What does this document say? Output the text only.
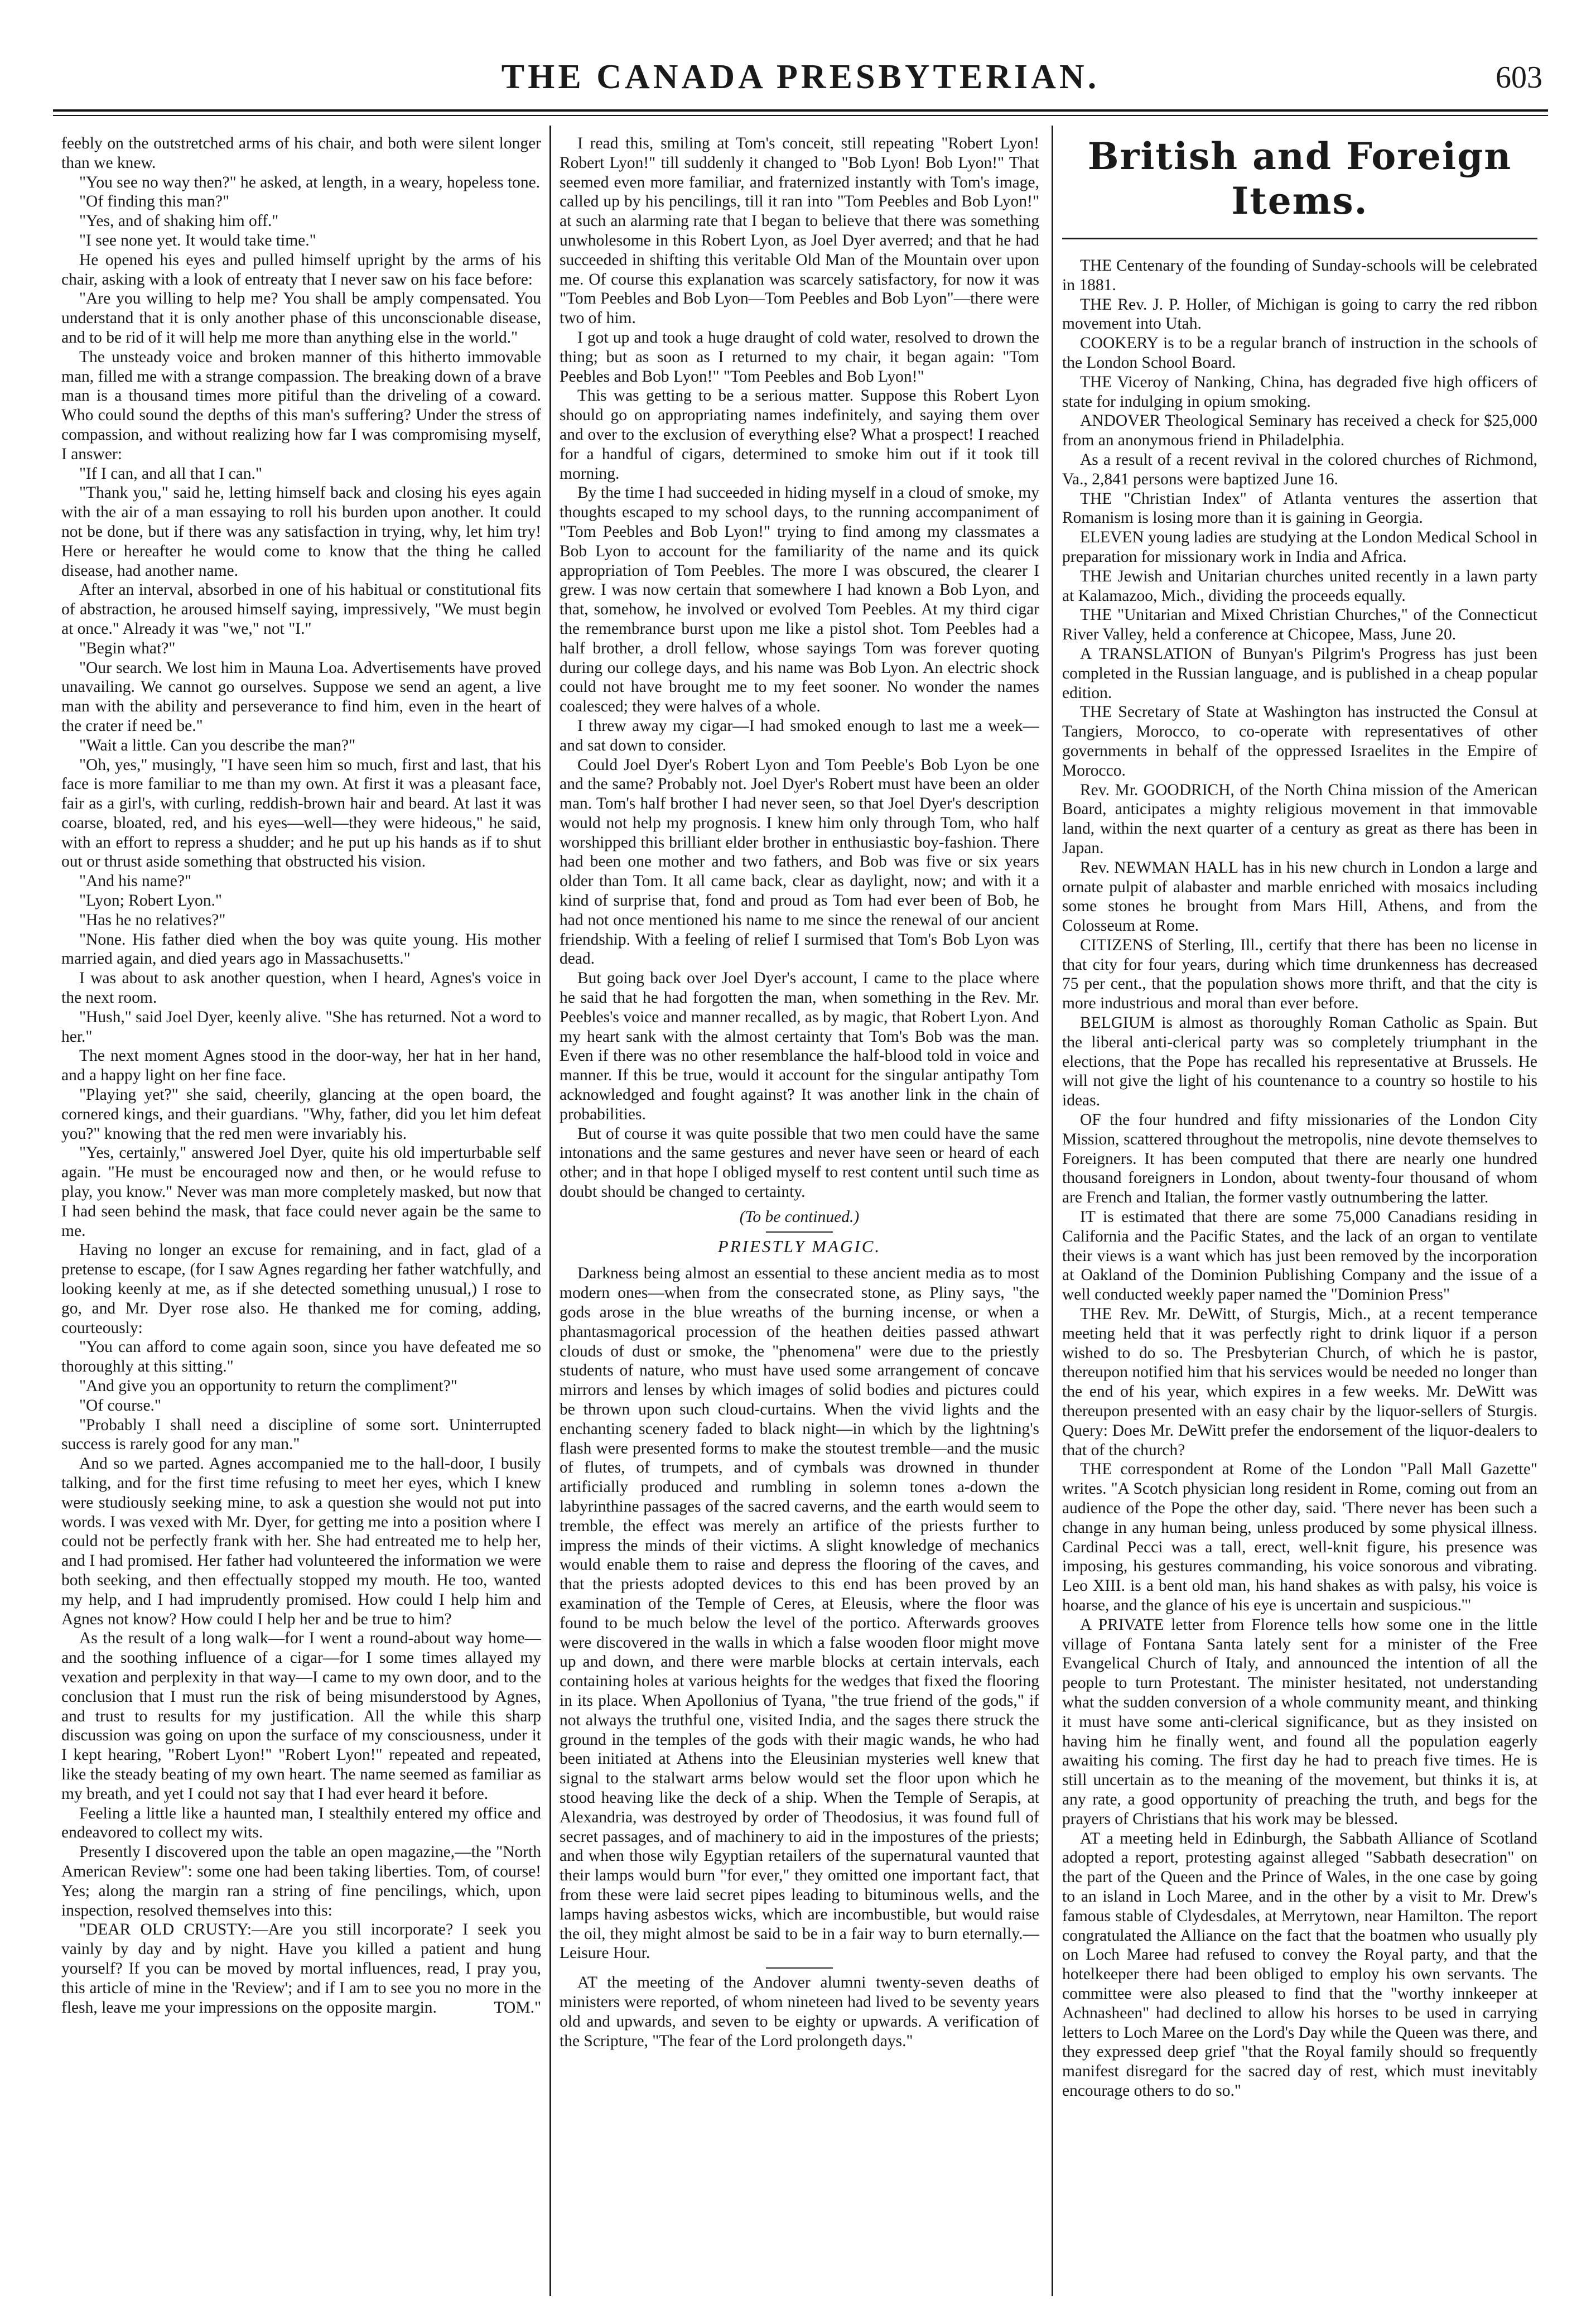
THE CANADA PRESBYTERIAN.	603

feebly on the outstretched arms of his chair, and both were silent longer than we knew.

"You see no way then?" he asked, at length, in a weary, hopeless tone.

"Of finding this man?"

"Yes, and of shaking him off."

"I see none yet. It would take time."

He opened his eyes and pulled himself upright by the arms of his chair, asking with a look of entreaty that I never saw on his face before:

"Are you willing to help me? You shall be amply compensated. You understand that it is only another phase of this unconscionable disease, and to be rid of it will help me more than anything else in the world."

The unsteady voice and broken manner of this hitherto immovable man, filled me with a strange compassion. The breaking down of a brave man is a thousand times more pitiful than the driveling of a coward. Who could sound the depths of this man's suffering? Under the stress of compassion, and without realizing how far I was compromising myself, I answer:

"If I can, and all that I can."

"Thank you," said he, letting himself back and closing his eyes again with the air of a man essaying to roll his burden upon another. It could not be done, but if there was any satisfaction in trying, why, let him try! Here or hereafter he would come to know that the thing he called disease, had another name.

After an interval, absorbed in one of his habitual or constitutional fits of abstraction, he aroused himself saying, impressively, "We must begin at once." Already it was "we," not "I."

"Begin what?"

"Our search. We lost him in Mauna Loa. Advertisements have proved unavailing. We cannot go ourselves. Suppose we send an agent, a live man with the ability and perseverance to find him, even in the heart of the crater if need be."

"Wait a little. Can you describe the man?"

"Oh, yes," musingly, "I have seen him so much, first and last, that his face is more familiar to me than my own. At first it was a pleasant face, fair as a girl's, with curling, reddish-brown hair and beard. At last it was coarse, bloated, red, and his eyes—well—they were hideous," he said, with an effort to repress a shudder; and he put up his hands as if to shut out or thrust aside something that obstructed his vision.

"And his name?"

"Lyon; Robert Lyon."

"Has he no relatives?"

"None. His father died when the boy was quite young. His mother married again, and died years ago in Massachusetts."

I was about to ask another question, when I heard, Agnes's voice in the next room.

"Hush," said Joel Dyer, keenly alive. "She has returned. Not a word to her."

The next moment Agnes stood in the door-way, her hat in her hand, and a happy light on her fine face.

"Playing yet?" she said, cheerily, glancing at the open board, the cornered kings, and their guardians. "Why, father, did you let him defeat you?" knowing that the red men were invariably his.

"Yes, certainly," answered Joel Dyer, quite his old imperturbable self again. "He must be encouraged now and then, or he would refuse to play, you know." Never was man more completely masked, but now that I had seen behind the mask, that face could never again be the same to me.

Having no longer an excuse for remaining, and in fact, glad of a pretense to escape, (for I saw Agnes regarding her father watchfully, and looking keenly at me, as if she detected something unusual,) I rose to go, and Mr. Dyer rose also. He thanked me for coming, adding, courteously:

"You can afford to come again soon, since you have defeated me so thoroughly at this sitting."

"And give you an opportunity to return the compliment?"

"Of course."

"Probably I shall need a discipline of some sort. Uninterrupted success is rarely good for any man."

And so we parted. Agnes accompanied me to the hall-door, I busily talking, and for the first time refusing to meet her eyes, which I knew were studiously seeking mine, to ask a question she would not put into words. I was vexed with Mr. Dyer, for getting me into a position where I could not be perfectly frank with her. She had entreated me to help her, and I had promised. Her father had volunteered the information we were both seeking, and then effectually stopped my mouth. He too, wanted my help, and I had imprudently promised. How could I help him and Agnes not know? How could I help her and be true to him?

As the result of a long walk—for I went a round-about way home—and the soothing influence of a cigar—for I some times allayed my vexation and perplexity in that way—I came to my own door, and to the conclusion that I must run the risk of being misunderstood by Agnes, and trust to results for my justification. All the while this sharp discussion was going on upon the surface of my consciousness, under it I kept hearing, "Robert Lyon!" "Robert Lyon!" repeated and repeated, like the steady beating of my own heart. The name seemed as familiar as my breath, and yet I could not say that I had ever heard it before.

Feeling a little like a haunted man, I stealthily entered my office and endeavored to collect my wits.

Presently I discovered upon the table an open magazine,—the "North American Review": some one had been taking liberties. Tom, of course! Yes; along the margin ran a string of fine pencilings, which, upon inspection, resolved themselves into this:

"DEAR OLD CRUSTY:—Are you still incorporate? I seek you vainly by day and by night. Have you killed a patient and hung yourself? If you can be moved by mortal influences, read, I pray you, this article of mine in the 'Review'; and if I am to see you no more in the flesh, leave me your impressions on the opposite margin.	TOM."

I read this, smiling at Tom's conceit, still repeating "Robert Lyon! Robert Lyon!" till suddenly it changed to "Bob Lyon! Bob Lyon!" That seemed even more familiar, and fraternized instantly with Tom's image, called up by his pencilings, till it ran into "Tom Peebles and Bob Lyon!" at such an alarming rate that I began to believe that there was something unwholesome in this Robert Lyon, as Joel Dyer averred; and that he had succeeded in shifting this veritable Old Man of the Mountain over upon me. Of course this explanation was scarcely satisfactory, for now it was "Tom Peebles and Bob Lyon—Tom Peebles and Bob Lyon"—there were two of him.

I got up and took a huge draught of cold water, resolved to drown the thing; but as soon as I returned to my chair, it began again: "Tom Peebles and Bob Lyon!" "Tom Peebles and Bob Lyon!"

This was getting to be a serious matter. Suppose this Robert Lyon should go on appropriating names indefinitely, and saying them over and over to the exclusion of everything else? What a prospect! I reached for a handful of cigars, determined to smoke him out if it took till morning.

By the time I had succeeded in hiding myself in a cloud of smoke, my thoughts escaped to my school days, to the running accompaniment of "Tom Peebles and Bob Lyon!" trying to find among my classmates a Bob Lyon to account for the familiarity of the name and its quick appropriation of Tom Peebles. The more I was obscured, the clearer I grew. I was now certain that somewhere I had known a Bob Lyon, and that, somehow, he involved or evolved Tom Peebles. At my third cigar the remembrance burst upon me like a pistol shot. Tom Peebles had a half brother, a droll fellow, whose sayings Tom was forever quoting during our college days, and his name was Bob Lyon. An electric shock could not have brought me to my feet sooner. No wonder the names coalesced; they were halves of a whole.

I threw away my cigar—I had smoked enough to last me a week—and sat down to consider.

Could Joel Dyer's Robert Lyon and Tom Peeble's Bob Lyon be one and the same? Probably not. Joel Dyer's Robert must have been an older man. Tom's half brother I had never seen, so that Joel Dyer's description would not help my prognosis. I knew him only through Tom, who half worshipped this brilliant elder brother in enthusiastic boy-fashion. There had been one mother and two fathers, and Bob was five or six years older than Tom. It all came back, clear as daylight, now; and with it a kind of surprise that, fond and proud as Tom had ever been of Bob, he had not once mentioned his name to me since the renewal of our ancient friendship. With a feeling of relief I surmised that Tom's Bob Lyon was dead.

But going back over Joel Dyer's account, I came to the place where he said that he had forgotten the man, when something in the Rev. Mr. Peebles's voice and manner recalled, as by magic, that Robert Lyon. And my heart sank with the almost certainty that Tom's Bob was the man. Even if there was no other resemblance the half-blood told in voice and manner. If this be true, would it account for the singular antipathy Tom acknowledged and fought against? It was another link in the chain of probabilities.

But of course it was quite possible that two men could have the same intonations and the same gestures and never have seen or heard of each other; and in that hope I obliged myself to rest content until such time as doubt should be changed to certainty.

(To be continued.)
PRIESTLY MAGIC.

Darkness being almost an essential to these ancient media as to most modern ones—when from the consecrated stone, as Pliny says, "the gods arose in the blue wreaths of the burning incense, or when a phantasmagorical procession of the heathen deities passed athwart clouds of dust or smoke, the "phenomena" were due to the priestly students of nature, who must have used some arrangement of concave mirrors and lenses by which images of solid bodies and pictures could be thrown upon such cloud-curtains. When the vivid lights and the enchanting scenery faded to black night—in which by the lightning's flash were presented forms to make the stoutest tremble—and the music of flutes, of trumpets, and of cymbals was drowned in thunder artificially produced and rumbling in solemn tones a-down the labyrinthine passages of the sacred caverns, and the earth would seem to tremble, the effect was merely an artifice of the priests further to impress the minds of their victims. A slight knowledge of mechanics would enable them to raise and depress the flooring of the caves, and that the priests adopted devices to this end has been proved by an examination of the Temple of Ceres, at Eleusis, where the floor was found to be much below the level of the portico. Afterwards grooves were discovered in the walls in which a false wooden floor might move up and down, and there were marble blocks at certain intervals, each containing holes at various heights for the wedges that fixed the flooring in its place. When Apollonius of Tyana, "the true friend of the gods," if not always the truthful one, visited India, and the sages there struck the ground in the temples of the gods with their magic wands, he who had been initiated at Athens into the Eleusinian mysteries well knew that signal to the stalwart arms below would set the floor upon which he stood heaving like the deck of a ship. When the Temple of Serapis, at Alexandria, was destroyed by order of Theodosius, it was found full of secret passages, and of machinery to aid in the impostures of the priests; and when those wily Egyptian retailers of the supernatural vaunted that their lamps would burn "for ever," they omitted one important fact, that from these were laid secret pipes leading to bituminous wells, and the lamps having asbestos wicks, which are incombustible, but would raise the oil, they might almost be said to be in a fair way to burn eternally.—Leisure Hour.

AT the meeting of the Andover alumni twenty-seven deaths of ministers were reported, of whom nineteen had lived to be seventy years old and upwards, and seven to be eighty or upwards. A verification of the Scripture, "The fear of the Lord prolongeth days."

British and Foreign Items.

THE Centenary of the founding of Sunday-schools will be celebrated in 1881.

THE Rev. J. P. Holler, of Michigan is going to carry the red ribbon movement into Utah.

COOKERY is to be a regular branch of instruction in the schools of the London School Board.

THE Viceroy of Nanking, China, has degraded five high officers of state for indulging in opium smoking.

ANDOVER Theological Seminary has received a check for $25,000 from an anonymous friend in Philadelphia.

As a result of a recent revival in the colored churches of Richmond, Va., 2,841 persons were baptized June 16.

THE "Christian Index" of Atlanta ventures the assertion that Romanism is losing more than it is gaining in Georgia.

ELEVEN young ladies are studying at the London Medical School in preparation for missionary work in India and Africa.

THE Jewish and Unitarian churches united recently in a lawn party at Kalamazoo, Mich., dividing the proceeds equally.

THE "Unitarian and Mixed Christian Churches," of the Connecticut River Valley, held a conference at Chicopee, Mass, June 20.

A TRANSLATION of Bunyan's Pilgrim's Progress has just been completed in the Russian language, and is published in a cheap popular edition.

THE Secretary of State at Washington has instructed the Consul at Tangiers, Morocco, to co-operate with representatives of other governments in behalf of the oppressed Israelites in the Empire of Morocco.

Rev. Mr. GOODRICH, of the North China mission of the American Board, anticipates a mighty religious movement in that immovable land, within the next quarter of a century as great as there has been in Japan.

Rev. NEWMAN HALL has in his new church in London a large and ornate pulpit of alabaster and marble enriched with mosaics including some stones he brought from Mars Hill, Athens, and from the Colosseum at Rome.

CITIZENS of Sterling, Ill., certify that there has been no license in that city for four years, during which time drunkenness has decreased 75 per cent., that the population shows more thrift, and that the city is more industrious and moral than ever before.

BELGIUM is almost as thoroughly Roman Catholic as Spain. But the liberal anti-clerical party was so completely triumphant in the elections, that the Pope has recalled his representative at Brussels. He will not give the light of his countenance to a country so hostile to his ideas.

OF the four hundred and fifty missionaries of the London City Mission, scattered throughout the metropolis, nine devote themselves to Foreigners. It has been computed that there are nearly one hundred thousand foreigners in London, about twenty-four thousand of whom are French and Italian, the former vastly outnumbering the latter.

IT is estimated that there are some 75,000 Canadians residing in California and the Pacific States, and the lack of an organ to ventilate their views is a want which has just been removed by the incorporation at Oakland of the Dominion Publishing Company and the issue of a well conducted weekly paper named the "Dominion Press"

THE Rev. Mr. DeWitt, of Sturgis, Mich., at a recent temperance meeting held that it was perfectly right to drink liquor if a person wished to do so. The Presbyterian Church, of which he is pastor, thereupon notified him that his services would be needed no longer than the end of his year, which expires in a few weeks. Mr. DeWitt was thereupon presented with an easy chair by the liquor-sellers of Sturgis. Query: Does Mr. DeWitt prefer the endorsement of the liquor-dealers to that of the church?

THE correspondent at Rome of the London "Pall Mall Gazette" writes. "A Scotch physician long resident in Rome, coming out from an audience of the Pope the other day, said. 'There never has been such a change in any human being, unless produced by some physical illness. Cardinal Pecci was a tall, erect, well-knit figure, his presence was imposing, his gestures commanding, his voice sonorous and vibrating. Leo XIII. is a bent old man, his hand shakes as with palsy, his voice is hoarse, and the glance of his eye is uncertain and suspicious.'"

A PRIVATE letter from Florence tells how some one in the little village of Fontana Santa lately sent for a minister of the Free Evangelical Church of Italy, and announced the intention of all the people to turn Protestant. The minister hesitated, not understanding what the sudden conversion of a whole community meant, and thinking it must have some anti-clerical significance, but as they insisted on having him he finally went, and found all the population eagerly awaiting his coming. The first day he had to preach five times. He is still uncertain as to the meaning of the movement, but thinks it is, at any rate, a good opportunity of preaching the truth, and begs for the prayers of Christians that his work may be blessed.

AT a meeting held in Edinburgh, the Sabbath Alliance of Scotland adopted a report, protesting against alleged "Sabbath desecration" on the part of the Queen and the Prince of Wales, in the one case by going to an island in Loch Maree, and in the other by a visit to Mr. Drew's famous stable of Clydesdales, at Merrytown, near Hamilton. The report congratulated the Alliance on the fact that the boatmen who usually ply on Loch Maree had refused to convey the Royal party, and that the hotelkeeper there had been obliged to employ his own servants. The committee were also pleased to find that the "worthy innkeeper at Achnasheen" had declined to allow his horses to be used in carrying letters to Loch Maree on the Lord's Day while the Queen was there, and they expressed deep grief "that the Royal family should so frequently manifest disregard for the sacred day of rest, which must inevitably encourage others to do so."
